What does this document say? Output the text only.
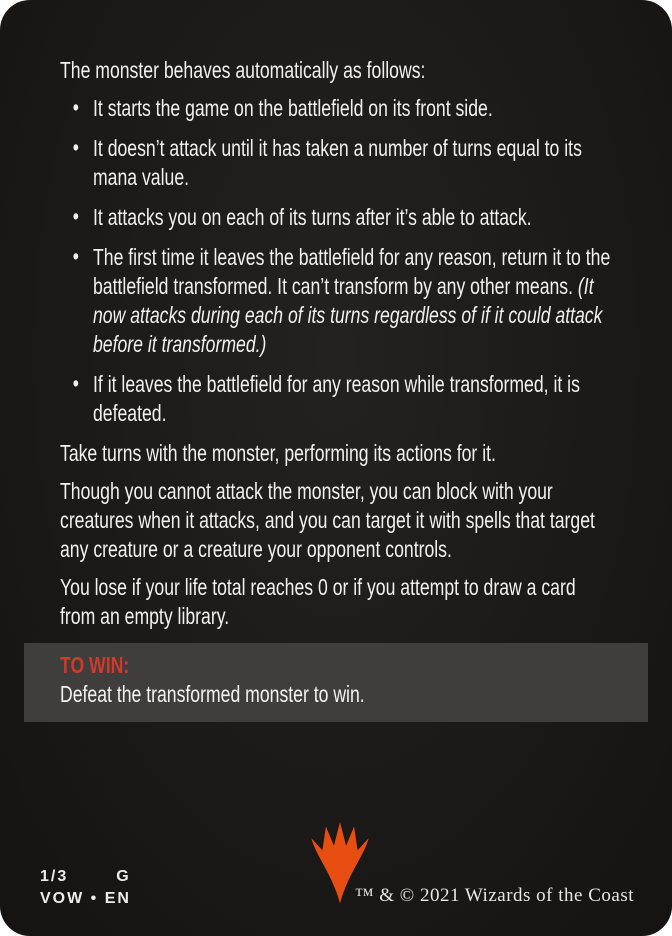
The monster behaves automatically as follows:

• It starts the game on the battlefield on its front side.
• It doesn’t attack until it has taken a number of turns equal to its mana value.
• It attacks you on each of its turns after it’s able to attack.
• The first time it leaves the battlefield for any reason, return it to the battlefield transformed. It can’t transform by any other means. (It now attacks during each of its turns regardless of if it could attack before it transformed.)
• If it leaves the battlefield for any reason while transformed, it is defeated.

Take turns with the monster, performing its actions for it.

Though you cannot attack the monster, you can block with your creatures when it attacks, and you can target it with spells that target any creature or a creature your opponent controls.

You lose if your life total reaches 0 or if you attempt to draw a card from an empty library.

TO WIN:

Defeat the transformed monster to win.

1/3	G
VOW • EN	™ & © 2021 Wizards of the Coast
